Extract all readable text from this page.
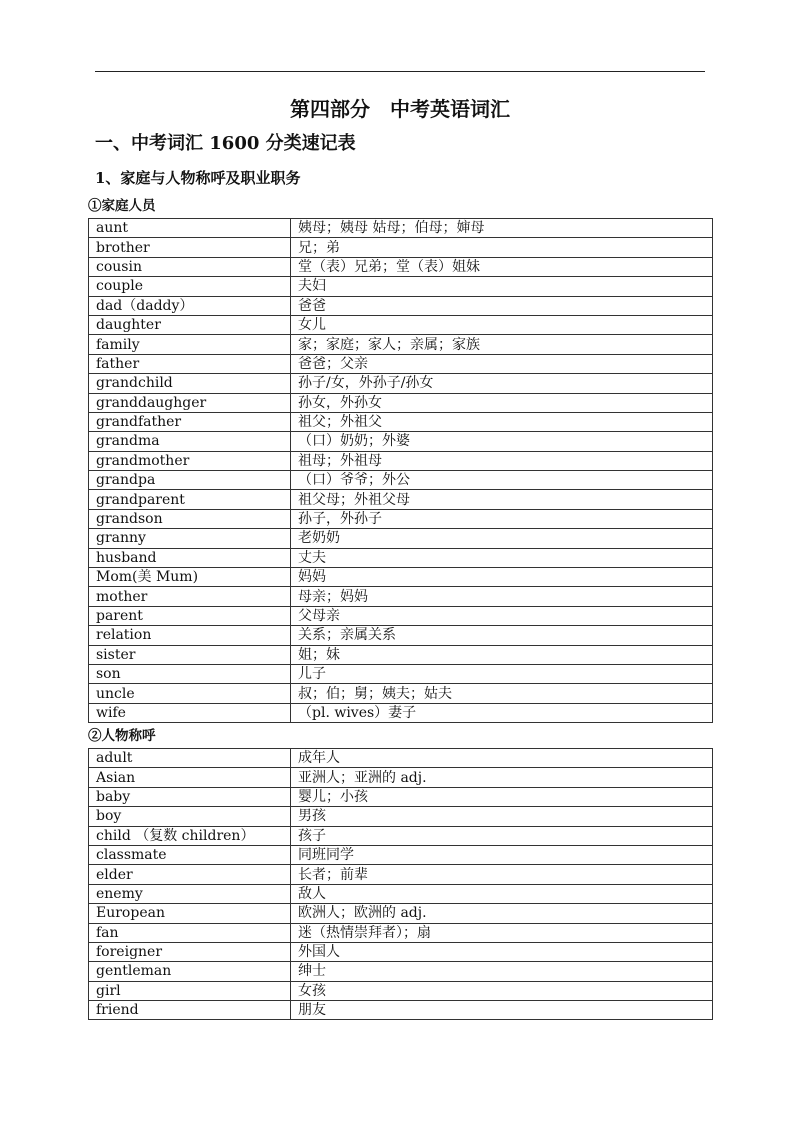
第四部分　中考英语词汇
一、中考词汇 1600 分类速记表
1、家庭与人物称呼及职业职务
①家庭人员
aunt	姨母；姨母 姑母；伯母；婶母
brother	兄；弟
cousin	堂（表）兄弟；堂（表）姐妹
couple	夫妇
dad（daddy）	爸爸
daughter	女儿
family	家；家庭；家人；亲属；家族
father	爸爸；父亲
grandchild	孙子/女，外孙子/孙女
granddaughger	孙女，外孙女
grandfather	祖父；外祖父
grandma	（口）奶奶；外婆
grandmother	祖母；外祖母
grandpa	（口）爷爷；外公
grandparent	祖父母；外祖父母
grandson	孙子，外孙子
granny	老奶奶
husband	丈夫
Mom(美 Mum)	妈妈
mother	母亲；妈妈
parent	父母亲
relation	关系；亲属关系
sister	姐；妹
son	儿子
uncle	叔；伯；舅；姨夫；姑夫
wife	（pl. wives）妻子
②人物称呼
adult	成年人
Asian	亚洲人；亚洲的 adj.
baby	婴儿；小孩
boy	男孩
child （复数 children）	孩子
classmate	同班同学
elder	长者；前辈
enemy	敌人
European	欧洲人；欧洲的 adj.
fan	迷（热情崇拜者）；扇
foreigner	外国人
gentleman	绅士
girl	女孩
friend	朋友
